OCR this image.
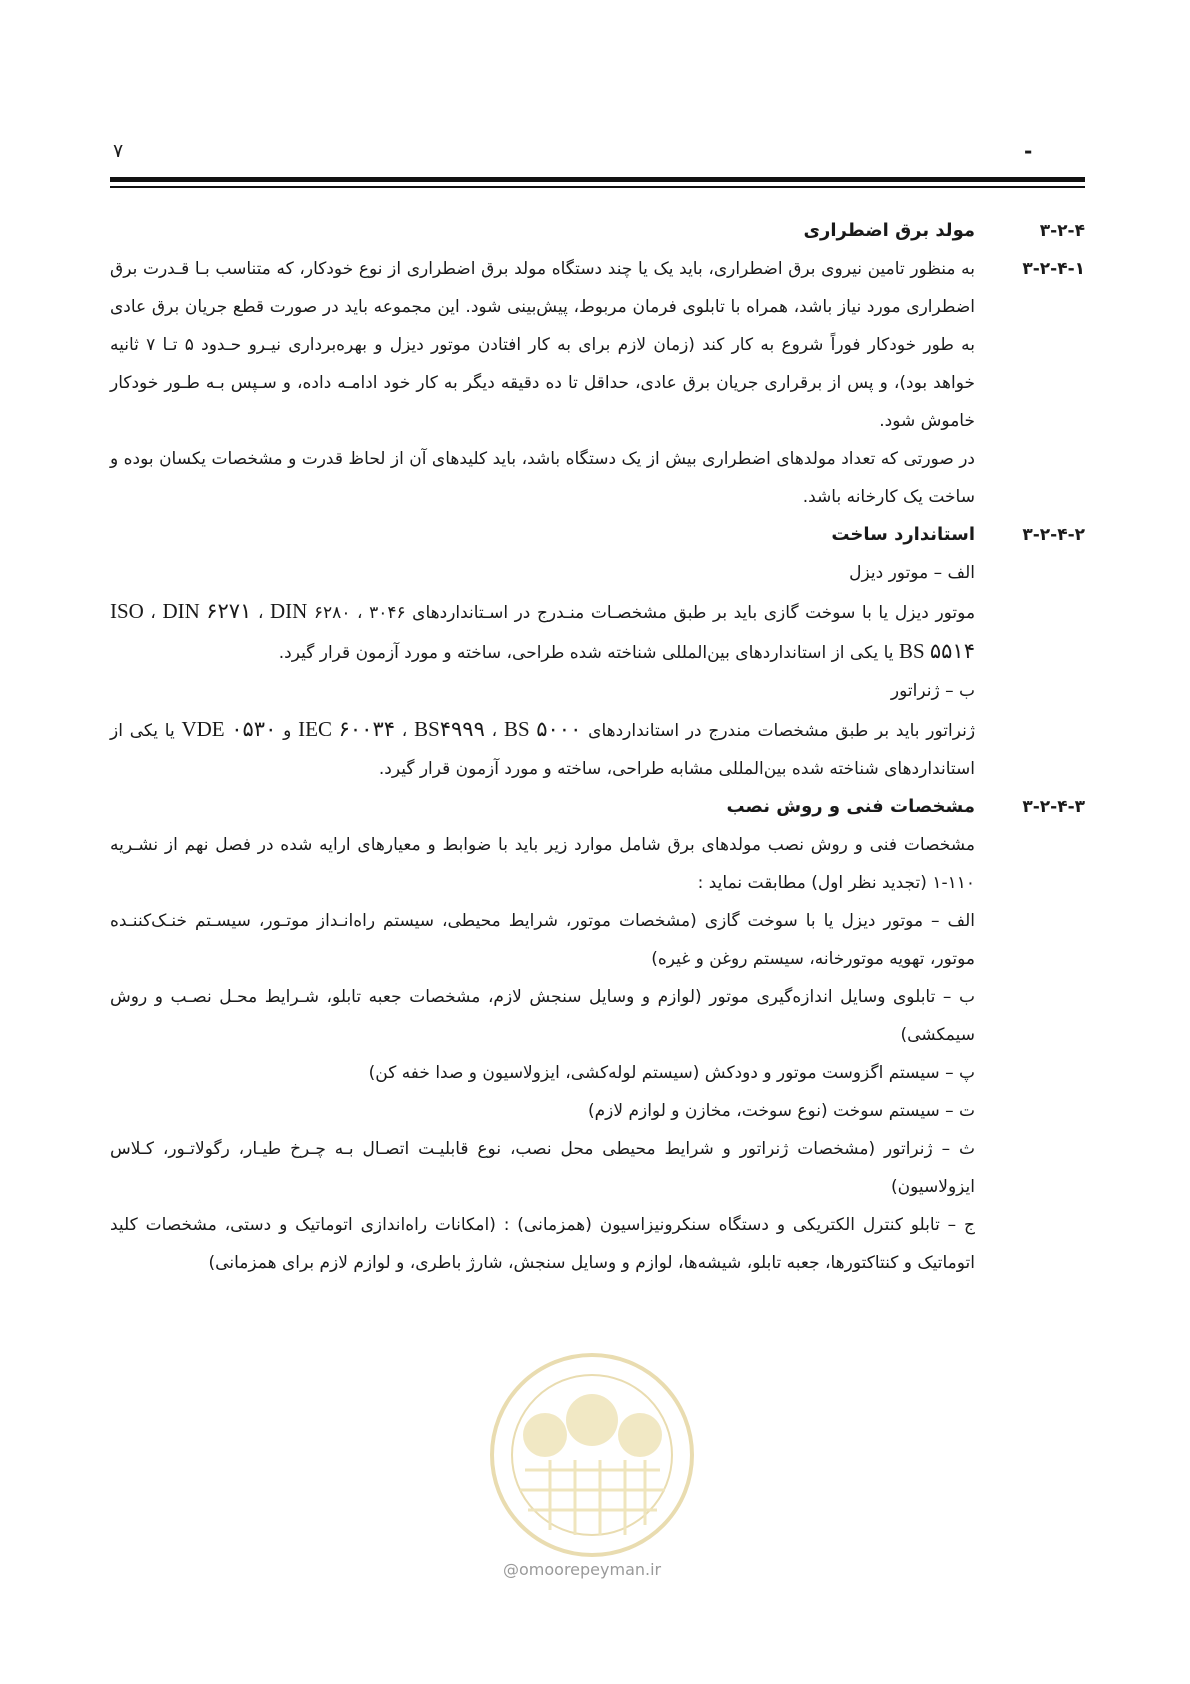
۷	-
۳-۲-۴
مولد برق اضطراری
۳-۲-۴-۱
به منظور تامین نیروی برق اضطراری، باید یک یا چند دستگاه مولد برق اضطراری از نوع خودکار، که متناسب بـا قـدرت برق اضطراری مورد نیاز باشد، همراه با تابلوی فرمان مربوط، پیش‌بینی شود. این مجموعه باید در صورت قطع جریان برق عادی به طور خودکار فوراً شروع به کار کند (زمان لازم برای به کار افتادن موتور دیزل و بهره‌برداری نیـرو حـدود ۵ تـا ۷ ثانیه خواهد بود)، و پس از برقراری جریان برق عادی، حداقل تا ده دقیقه دیگر به کار خود ادامـه داده، و سـپس بـه طـور خودکار خاموش شود.

در صورتی که تعداد مولدهای اضطراری بیش از یک دستگاه باشد، باید کلیدهای آن از لحاظ قدرت و مشخصات یکسان بوده و ساخت یک کارخانه باشد.

۳-۲-۴-۲
استاندارد ساخت

الف – موتور دیزل

موتور دیزل یا با سوخت گازی باید بر طبق مشخصـات منـدرج در اسـتانداردهای ۳۰۴۶ ISO ، DIN ۶۲۷۱ ، DIN ۶۲۸۰ ، BS ۵۵۱۴ یا یکی از استانداردهای بین‌المللی شناخته شده طراحی، ساخته و مورد آزمون قرار گیرد.

ب – ژنراتور

ژنراتور باید بر طبق مشخصات مندرج در استانداردهای IEC ۶۰۰۳۴ ، BS۴۹۹۹ ، BS ۵۰۰۰ و VDE ۰۵۳۰ یا یکی از استانداردهای شناخته شده بین‌المللی مشابه طراحی، ساخته و مورد آزمون قرار گیرد.

۳-۲-۴-۳
مشخصات فنی و روش نصب

مشخصات فنی و روش نصب مولدهای برق شامل موارد زیر باید با ضوابط و معیارهای ارایه شده در فصل نهم از نشـریه ۱۱۰-۱ (تجدید نظر اول) مطابقت نماید :

الف – موتور دیزل یا با سوخت گازی (مشخصات موتور، شرایط محیطی، سیستم راه‌انـداز موتـور، سیسـتم خنـک‌کننـده موتور، تهویه موتورخانه، سیستم روغن و غیره)

ب – تابلوی وسایل اندازه‌گیری موتور (لوازم و وسایل سنجش لازم، مشخصات جعبه تابلو، شـرایط محـل نصـب و روش سیمکشی)

پ – سیستم اگزوست موتور و دودکش (سیستم لوله‌کشی، ایزولاسیون و صدا خفه کن)

ت – سیستم سوخت (نوع سوخت، مخازن و لوازم لازم)

ث – ژنراتور (مشخصات ژنراتور و شرایط محیطی محل نصب، نوع قابلیـت اتصـال بـه چـرخ طیـار، رگولاتـور، کـلاس ایزولاسیون)

ج – تابلو کنترل الکتریکی و دستگاه سنکرونیزاسیون (همزمانی) : (امکانات راه‌اندازی اتوماتیک و دستی، مشخصات کلید اتوماتیک و کنتاکتورها، جعبه تابلو، شیشه‌ها، لوازم و وسایل سنجش، شارژ باطری، و لوازم لازم برای همزمانی)

@omoorepeyman.ir
